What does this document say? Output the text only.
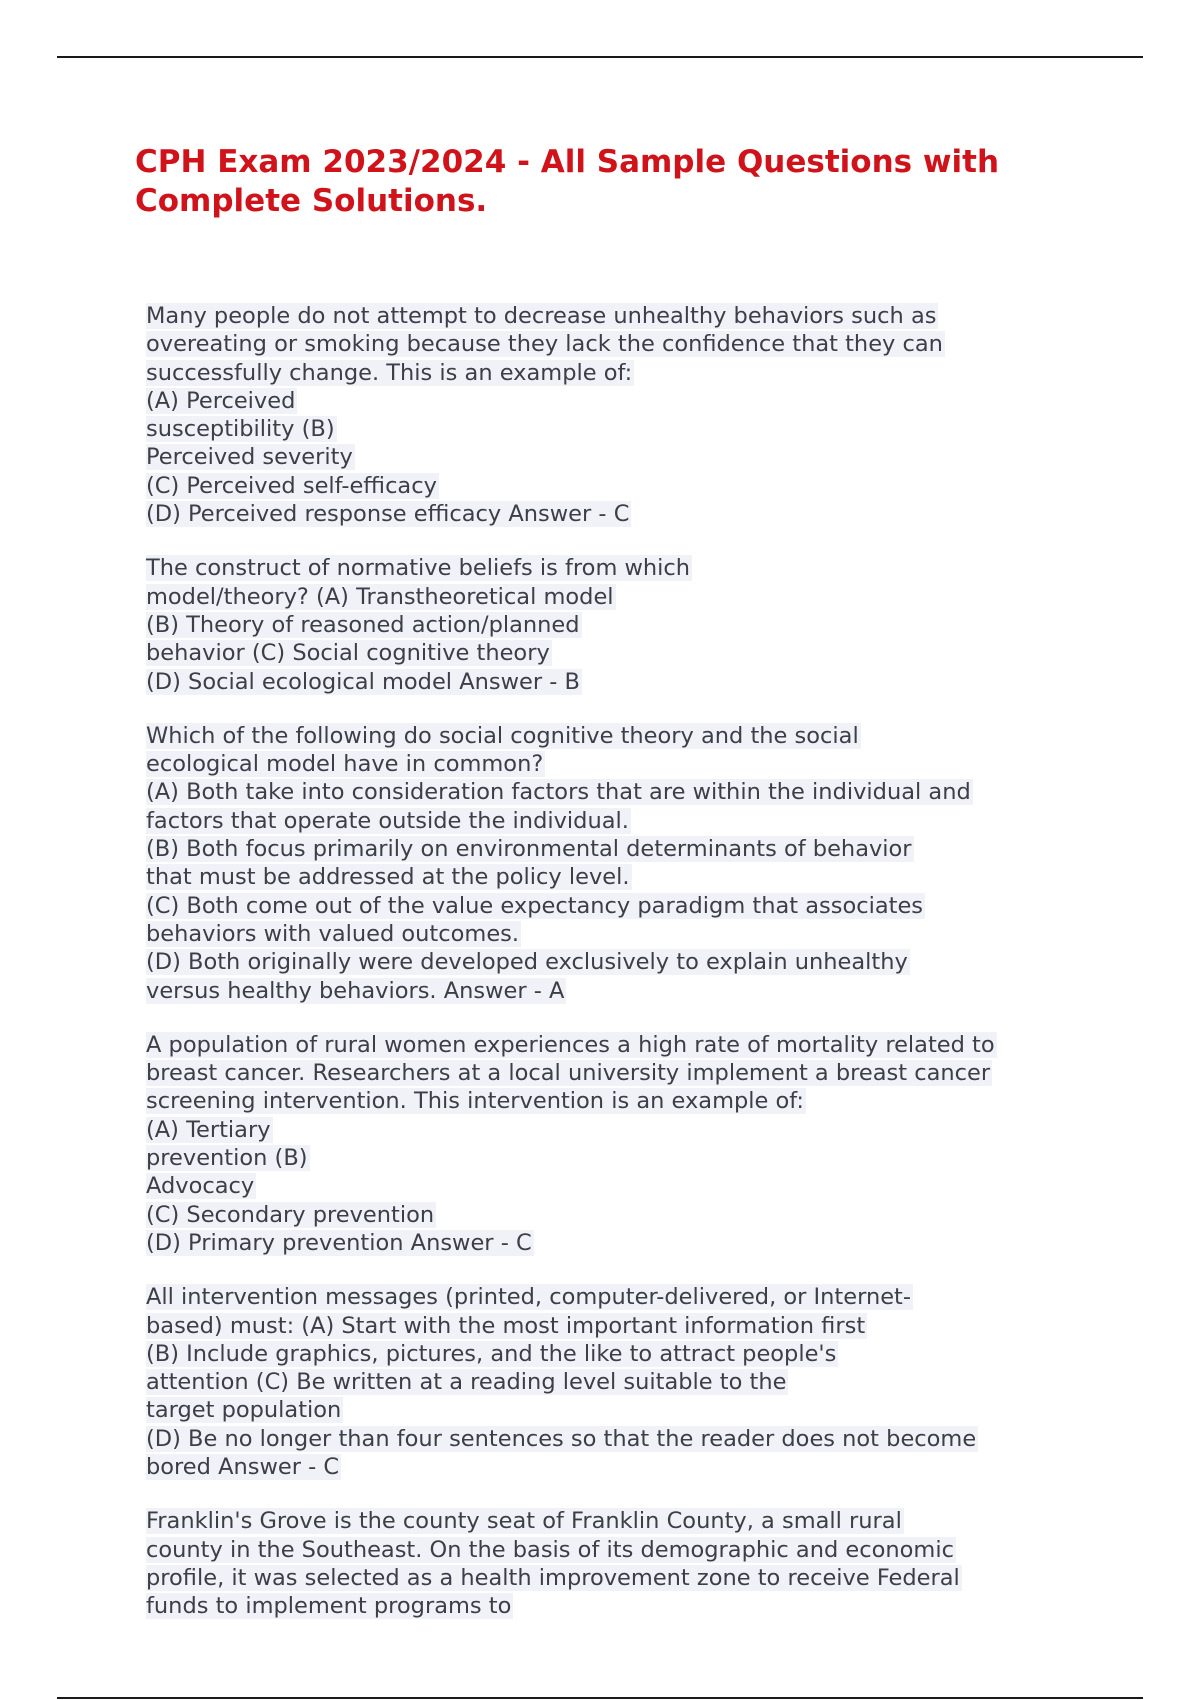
CPH Exam 2023/2024 - All Sample Questions with
Complete Solutions.
Many people do not attempt to decrease unhealthy behaviors such as
overeating or smoking because they lack the confidence that they can
successfully change. This is an example of:
(A) Perceived
susceptibility (B)
Perceived severity
(C) Perceived self-efficacy
(D) Perceived response efficacy Answer - C
The construct of normative beliefs is from which
model/theory? (A) Transtheoretical model
(B) Theory of reasoned action/planned
behavior (C) Social cognitive theory
(D) Social ecological model Answer - B
Which of the following do social cognitive theory and the social
ecological model have in common?
(A) Both take into consideration factors that are within the individual and
factors that operate outside the individual.
(B) Both focus primarily on environmental determinants of behavior
that must be addressed at the policy level.
(C) Both come out of the value expectancy paradigm that associates
behaviors with valued outcomes.
(D) Both originally were developed exclusively to explain unhealthy
versus healthy behaviors. Answer - A
A population of rural women experiences a high rate of mortality related to
breast cancer. Researchers at a local university implement a breast cancer
screening intervention. This intervention is an example of:
(A) Tertiary
prevention (B)
Advocacy
(C) Secondary prevention
(D) Primary prevention Answer - C
All intervention messages (printed, computer-delivered, or Internet-
based) must: (A) Start with the most important information first
(B) Include graphics, pictures, and the like to attract people's
attention (C) Be written at a reading level suitable to the
target population
(D) Be no longer than four sentences so that the reader does not become
bored Answer - C
Franklin's Grove is the county seat of Franklin County, a small rural
county in the Southeast. On the basis of its demographic and economic
profile, it was selected as a health improvement zone to receive Federal
funds to implement programs to
